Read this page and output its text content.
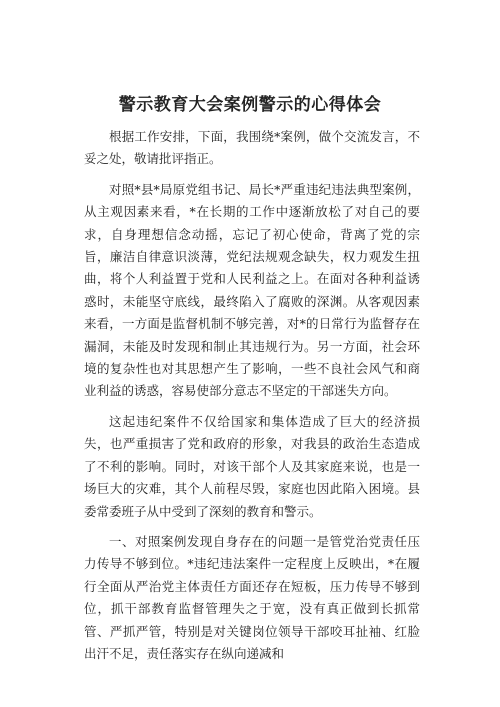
警示教育大会案例警示的心得体会

根据工作安排，下面，我围绕*案例，做个交流发言，不妥之处，敬请批评指正。

对照*县*局原党组书记、局长*严重违纪违法典型案例，从主观因素来看，*在长期的工作中逐渐放松了对自己的要求，自身理想信念动摇，忘记了初心使命，背离了党的宗旨，廉洁自律意识淡薄，党纪法规观念缺失，权力观发生扭曲，将个人利益置于党和人民利益之上。在面对各种利益诱惑时，未能坚守底线，最终陷入了腐败的深渊。从客观因素来看，一方面是监督机制不够完善，对*的日常行为监督存在漏洞，未能及时发现和制止其违规行为。另一方面，社会环境的复杂性也对其思想产生了影响，一些不良社会风气和商业利益的诱惑，容易使部分意志不坚定的干部迷失方向。

这起违纪案件不仅给国家和集体造成了巨大的经济损失，也严重损害了党和政府的形象，对我县的政治生态造成了不利的影响。同时，对该干部个人及其家庭来说，也是一场巨大的灾难，其个人前程尽毁，家庭也因此陷入困境。县委常委班子从中受到了深刻的教育和警示。

一、对照案例发现自身存在的问题一是管党治党责任压力传导不够到位。*违纪违法案件一定程度上反映出，*在履行全面从严治党主体责任方面还存在短板，压力传导不够到位，抓干部教育监督管理失之于宽，没有真正做到长抓常管、严抓严管，特别是对关键岗位领导干部咬耳扯袖、红脸出汗不足，责任落实存在纵向递减和
